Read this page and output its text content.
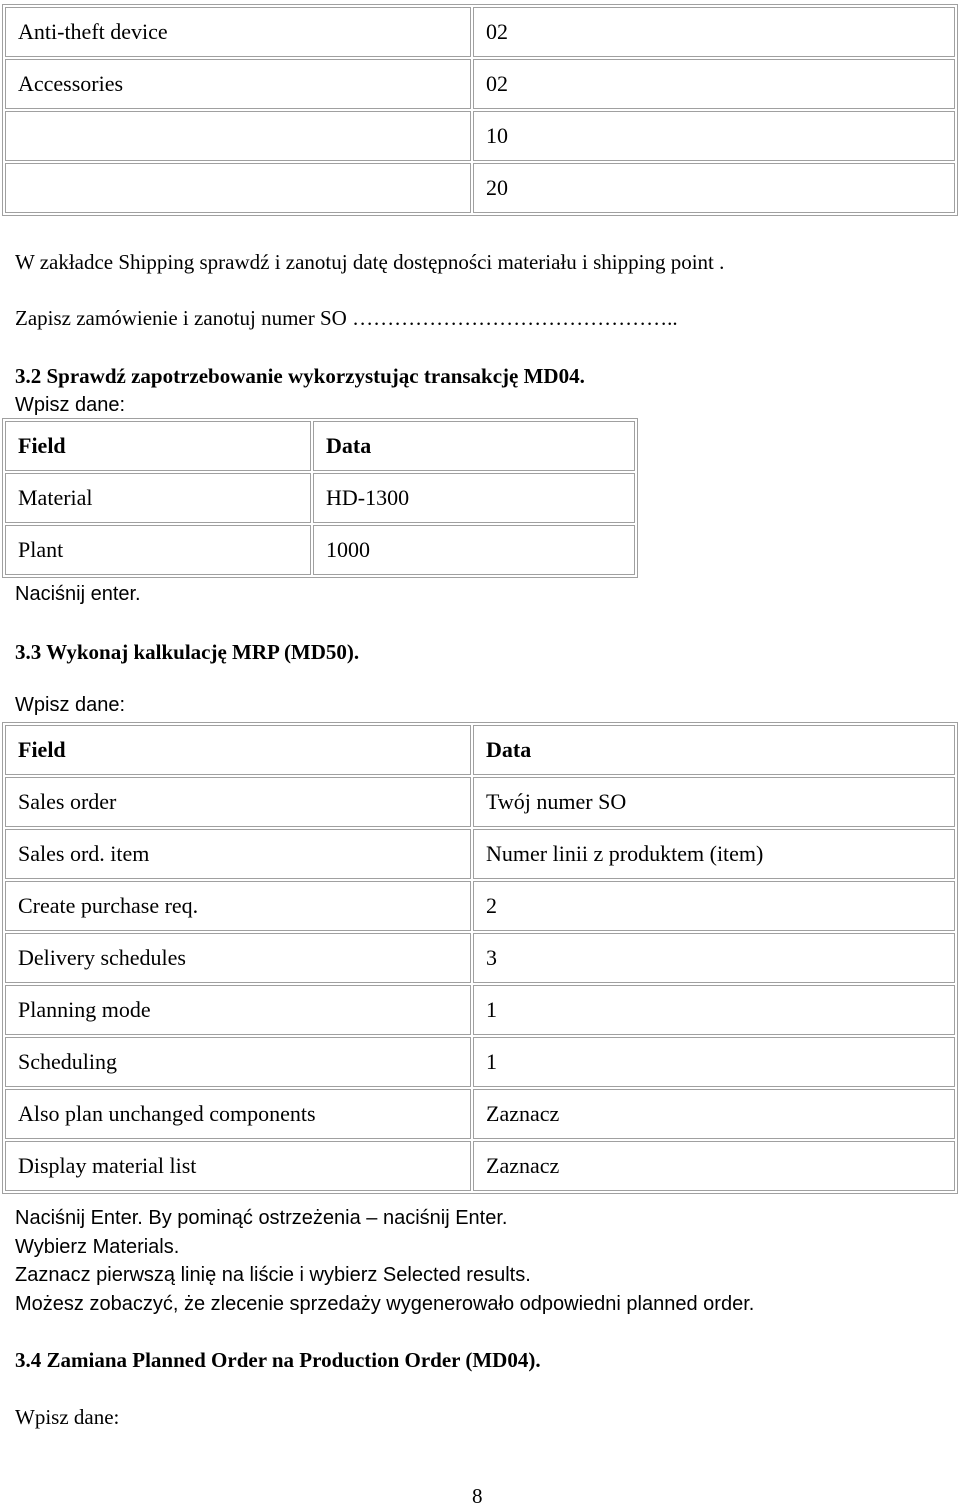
Anti-theft device	02
Accessories	02
	10
	20
W zakładce Shipping sprawdź i zanotuj datę dostępności materiału i shipping point .
Zapisz zamówienie i zanotuj numer SO ………………………………………..
3.2 Sprawdź zapotrzebowanie wykorzystując transakcję MD04.
Wpisz dane:
Field	Data
Material	HD-1300
Plant	1000
Naciśnij enter.
3.3 Wykonaj kalkulację MRP (MD50).
Wpisz dane:
Field	Data
Sales order	Twój numer SO
Sales ord. item	Numer linii z produktem (item)
Create purchase req.	2
Delivery schedules	3
Planning mode	1
Scheduling	1
Also plan unchanged components	Zaznacz
Display material list	Zaznacz
Naciśnij Enter. By pominąć ostrzeżenia – naciśnij Enter.
Wybierz Materials.
Zaznacz pierwszą linię na liście i wybierz Selected results.
Możesz zobaczyć, że zlecenie sprzedaży wygenerowało odpowiedni planned order.
3.4 Zamiana Planned Order na Production Order (MD04).
Wpisz dane:
8
